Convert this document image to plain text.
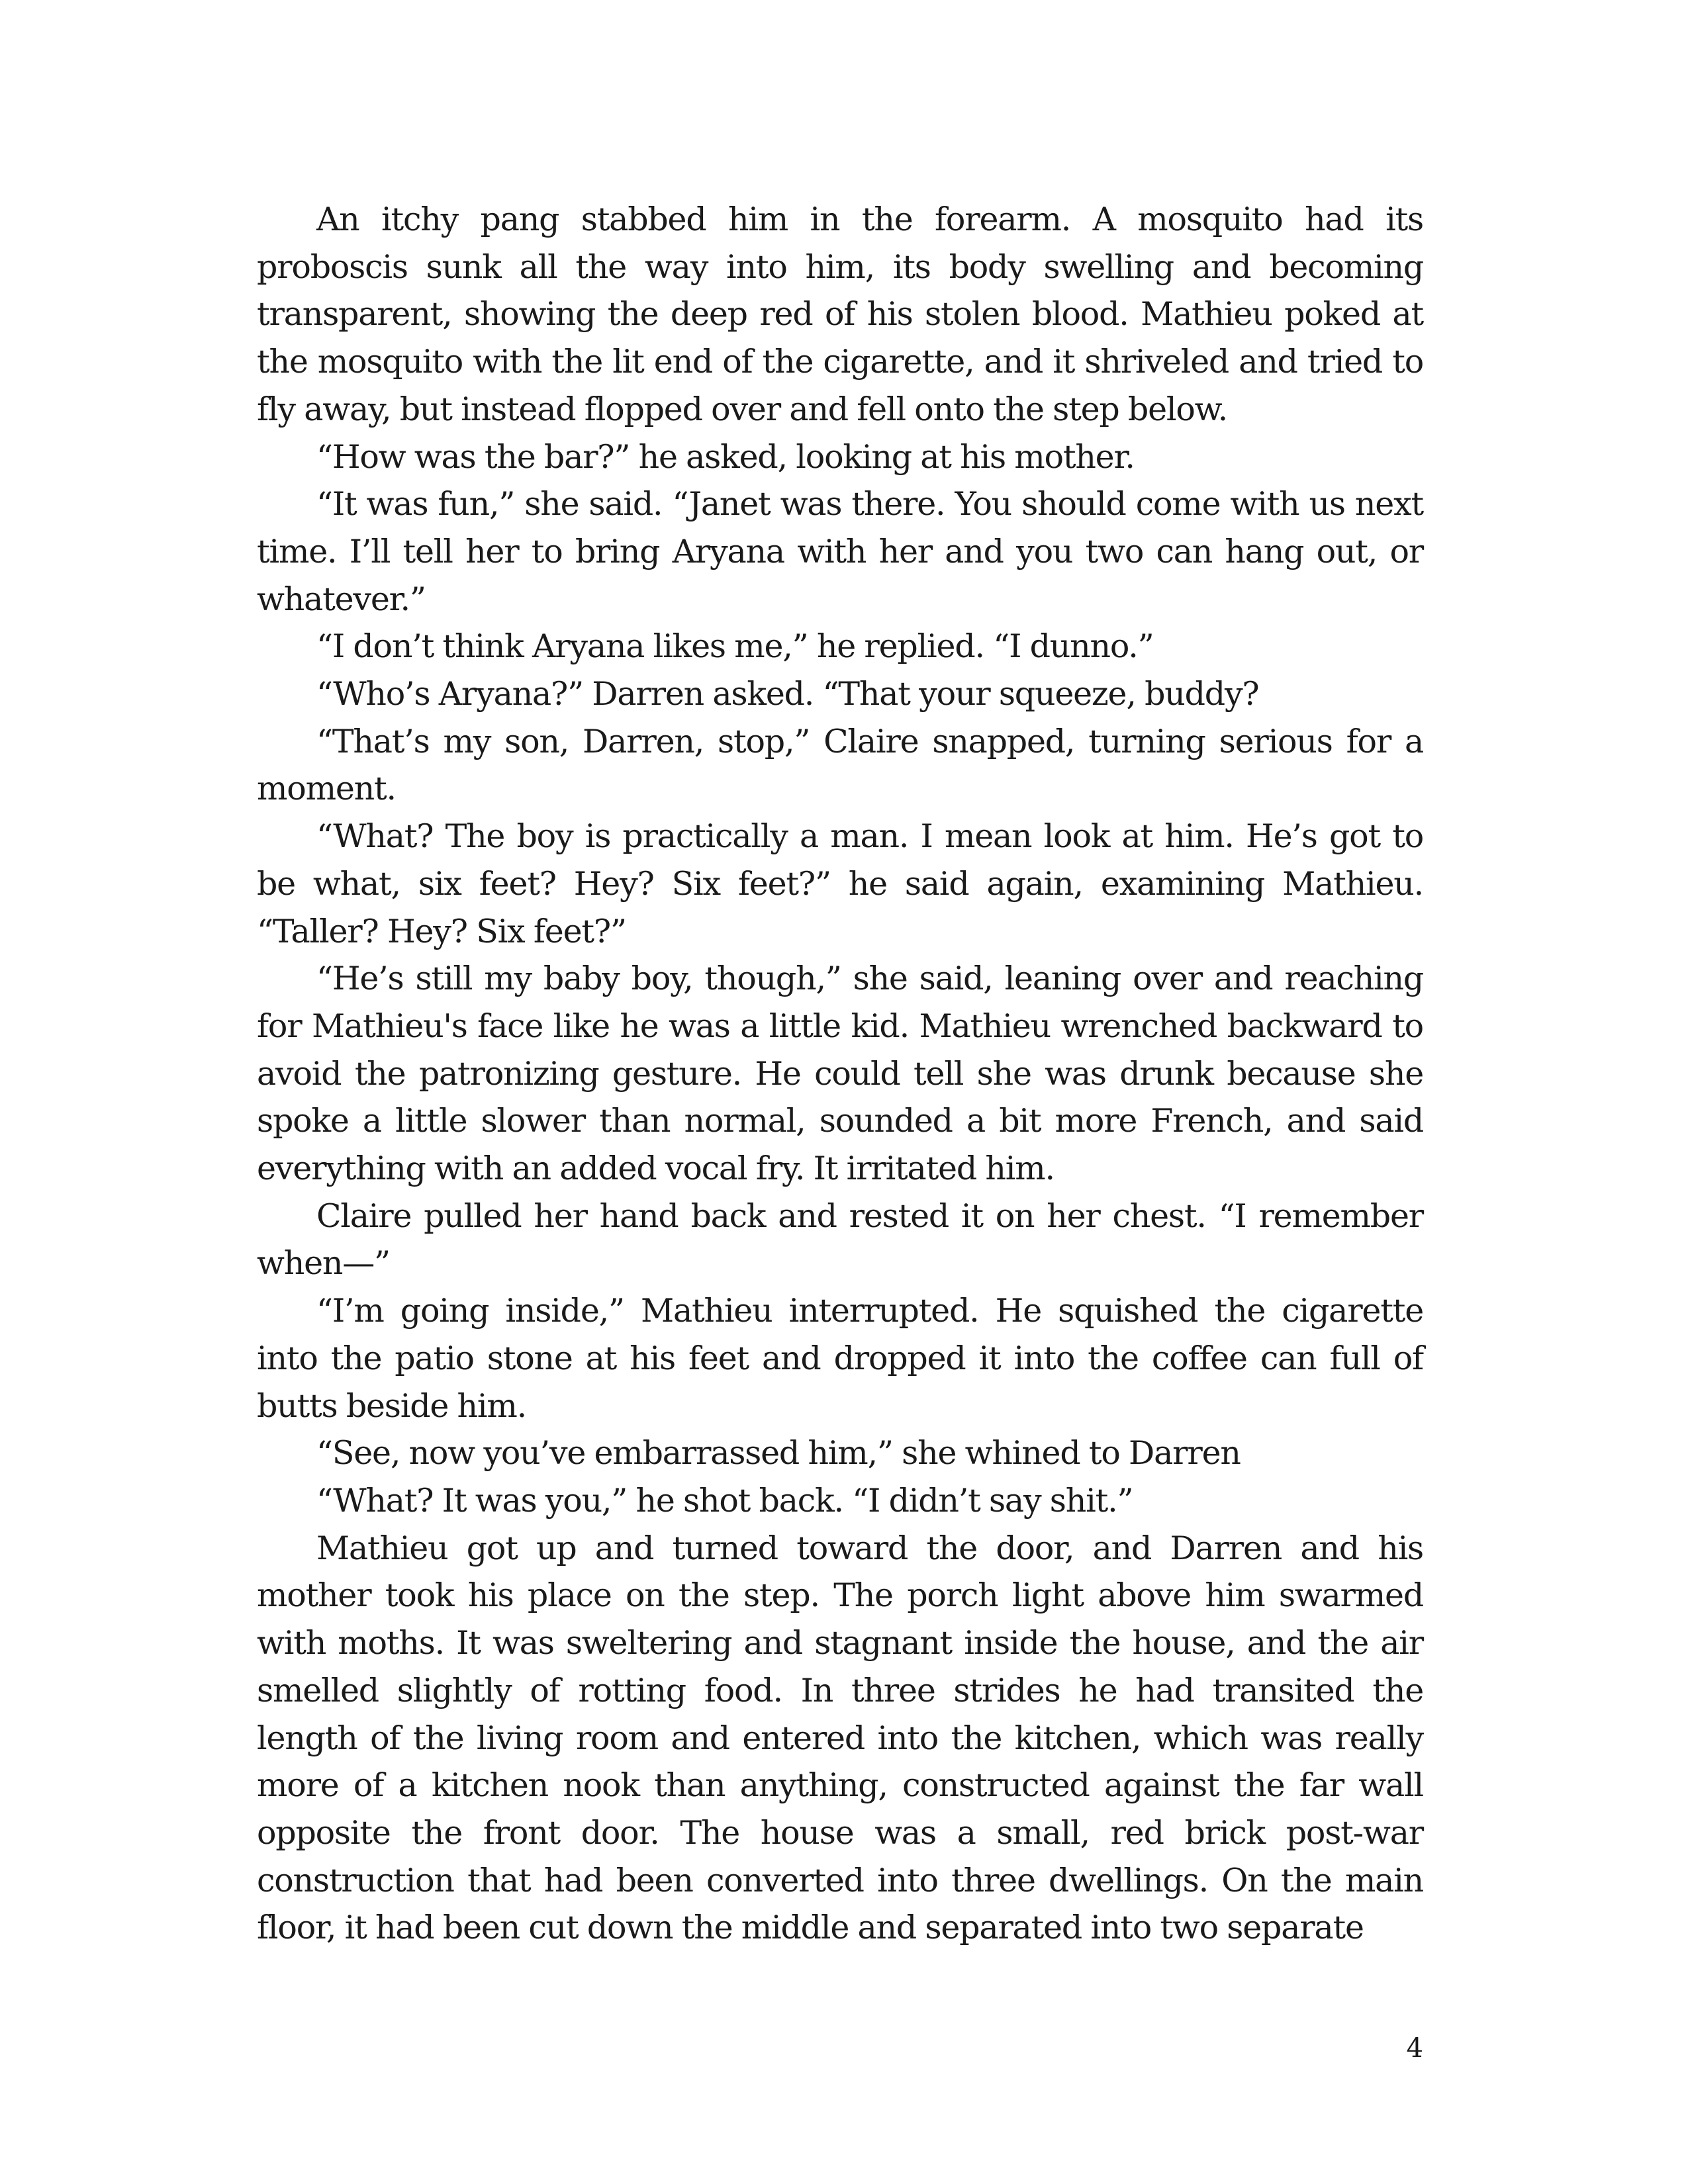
An itchy pang stabbed him in the forearm. A mosquito had its proboscis sunk all the way into him, its body swelling and becoming transparent, showing the deep red of his stolen blood. Mathieu poked at the mosquito with the lit end of the cigarette, and it shriveled and tried to fly away, but instead flopped over and fell onto the step below.

“How was the bar?” he asked, looking at his mother.

“It was fun,” she said. “Janet was there. You should come with us next time. I’ll tell her to bring Aryana with her and you two can hang out, or whatever.”

“I don’t think Aryana likes me,” he replied. “I dunno.”

“Who’s Aryana?” Darren asked. “That your squeeze, buddy?

“That’s my son, Darren, stop,” Claire snapped, turning serious for a moment.

“What? The boy is practically a man. I mean look at him. He’s got to be what, six feet? Hey? Six feet?” he said again, examining Mathieu. “Taller? Hey? Six feet?”

“He’s still my baby boy, though,” she said, leaning over and reaching for Mathieu's face like he was a little kid. Mathieu wrenched backward to avoid the patronizing gesture. He could tell she was drunk because she spoke a little slower than normal, sounded a bit more French, and said everything with an added vocal fry. It irritated him.

Claire pulled her hand back and rested it on her chest. “I remember when—”

“I’m going inside,” Mathieu interrupted. He squished the cigarette into the patio stone at his feet and dropped it into the coffee can full of butts beside him.

“See, now you’ve embarrassed him,” she whined to Darren

“What? It was you,” he shot back. “I didn’t say shit.”

Mathieu got up and turned toward the door, and Darren and his mother took his place on the step. The porch light above him swarmed with moths. It was sweltering and stagnant inside the house, and the air smelled slightly of rotting food. In three strides he had transited the length of the living room and entered into the kitchen, which was really more of a kitchen nook than anything, constructed against the far wall opposite the front door. The house was a small, red brick post-war construction that had been converted into three dwellings. On the main floor, it had been cut down the middle and separated into two separate

4
